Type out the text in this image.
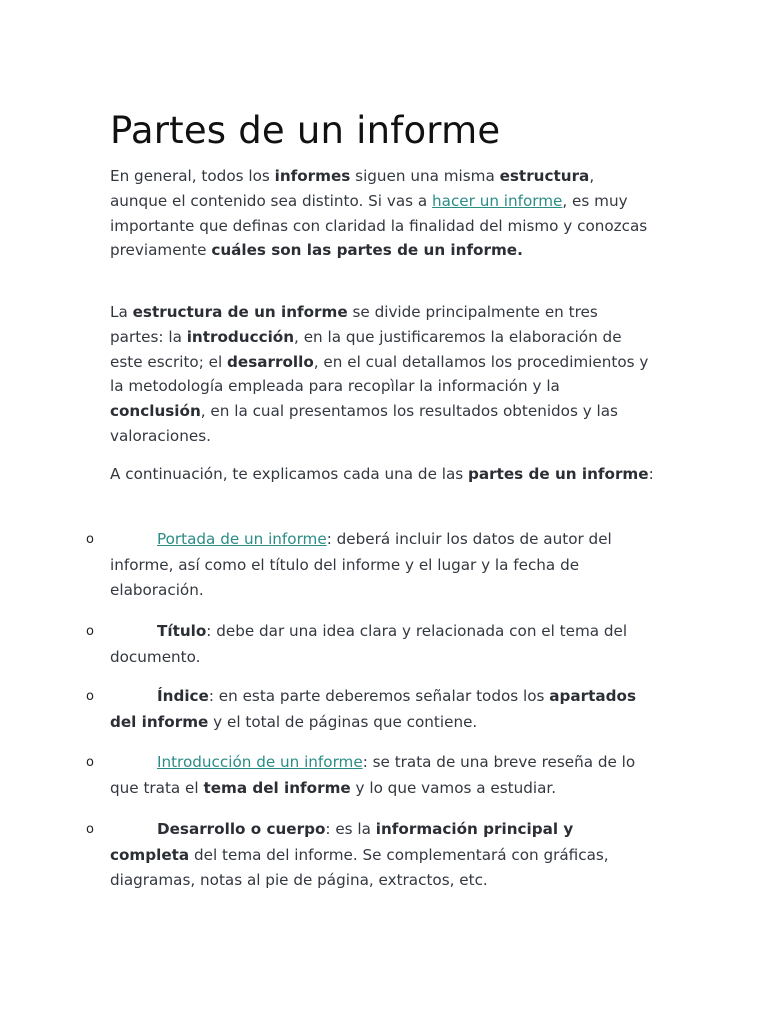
Partes de un informe

En general, todos los informes siguen una misma estructura, aunque el contenido sea distinto. Si vas a hacer un informe, es muy importante que definas con claridad la finalidad del mismo y conozcas previamente cuáles son las partes de un informe.

La estructura de un informe se divide principalmente en tres partes: la introducción, en la que justificaremos la elaboración de este escrito; el desarrollo, en el cual detallamos los procedimientos y la metodología empleada para recopìlar la información y la conclusión, en la cual presentamos los resultados obtenidos y las valoraciones.

A continuación, te explicamos cada una de las partes de un informe:

o	Portada de un informe: deberá incluir los datos de autor del informe, así como el título del informe y el lugar y la fecha de elaboración.
o	Título: debe dar una idea clara y relacionada con el tema del documento.
o	Índice: en esta parte deberemos señalar todos los apartados del informe y el total de páginas que contiene.
o	Introducción de un informe: se trata de una breve reseña de lo que trata el tema del informe y lo que vamos a estudiar.
o	Desarrollo o cuerpo: es la información principal y completa del tema del informe. Se complementará con gráficas, diagramas, notas al pie de página, extractos, etc.
